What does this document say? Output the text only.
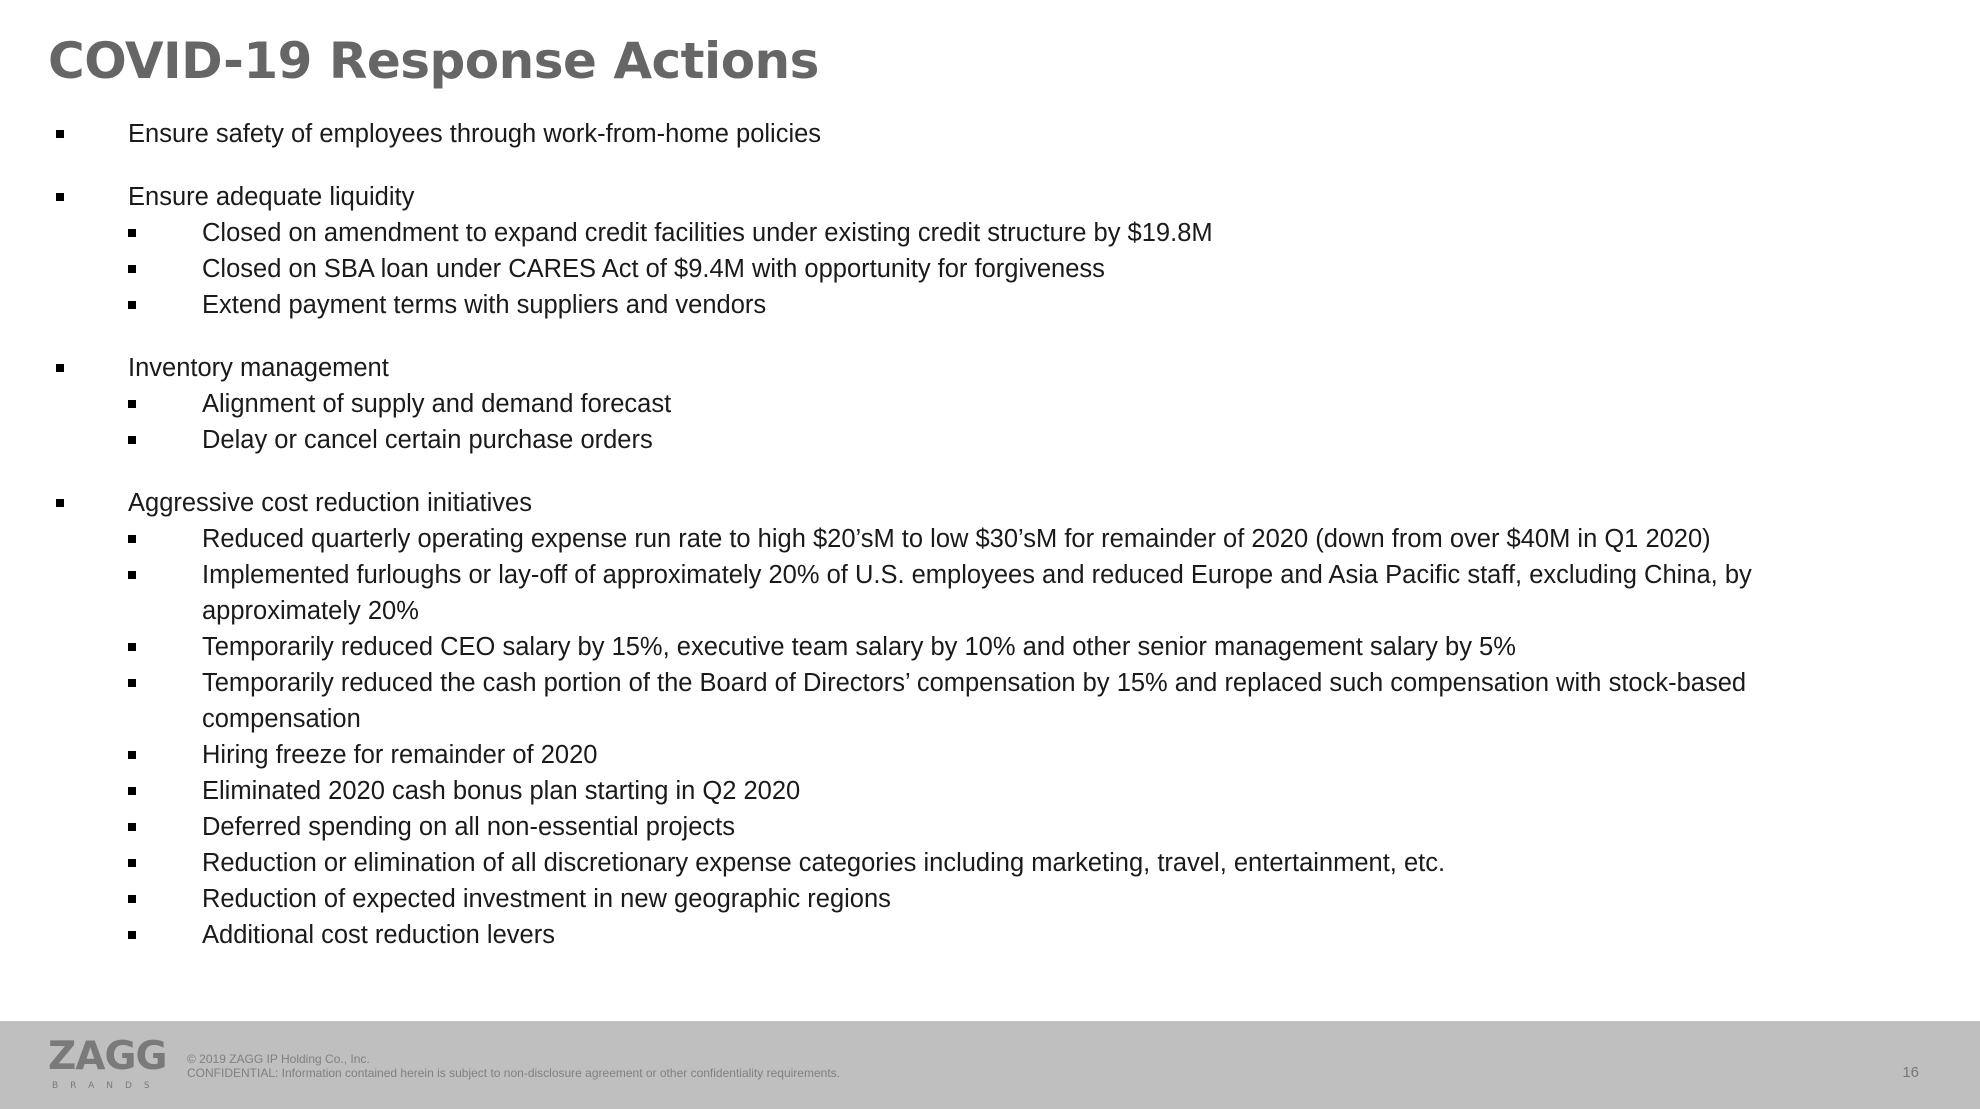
COVID-19 Response Actions
Ensure safety of employees through work-from-home policies
Ensure adequate liquidity
Closed on amendment to expand credit facilities under existing credit structure by $19.8M
Closed on SBA loan under CARES Act of $9.4M with opportunity for forgiveness
Extend payment terms with suppliers and vendors
Inventory management
Alignment of supply and demand forecast
Delay or cancel certain purchase orders
Aggressive cost reduction initiatives
Reduced quarterly operating expense run rate to high $20’sM to low $30’sM for remainder of 2020 (down from over $40M in Q1 2020)
Implemented furloughs or lay-off of approximately 20% of U.S. employees and reduced Europe and Asia Pacific staff, excluding China, by approximately 20%
Temporarily reduced CEO salary by 15%, executive team salary by 10% and other senior management salary by 5%
Temporarily reduced the cash portion of the Board of Directors’ compensation by 15% and replaced such compensation with stock-based compensation
Hiring freeze for remainder of 2020
Eliminated 2020 cash bonus plan starting in Q2 2020
Deferred spending on all non-essential projects
Reduction or elimination of all discretionary expense categories including marketing, travel, entertainment, etc.
Reduction of expected investment in new geographic regions
Additional cost reduction levers
ZAGG
BRANDS
© 2019 ZAGG IP Holding Co., Inc.
CONFIDENTIAL: Information contained herein is subject to non-disclosure agreement or other confidentiality requirements.	16
